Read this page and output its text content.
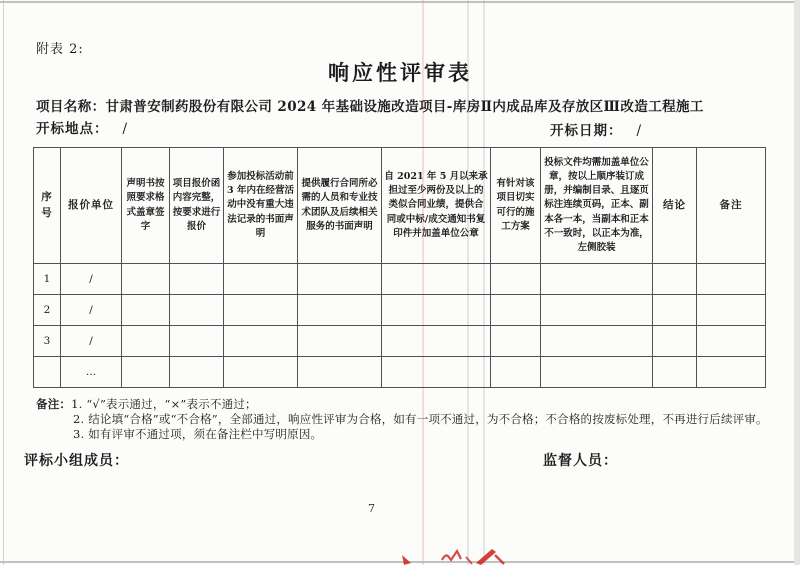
附表 2:
响应性评审表
项目名称：甘肃普安制药股份有限公司 2024 年基础设施改造项目-库房Ⅱ内成品库及存放区Ⅲ改造工程施工
开标地点： /	开标日期： /
序号	报价单位	声明书按照要求格式盖章签字	项目报价函内容完整，按要求进行报价	参加投标活动前 3 年内在经营活动中没有重大违法记录的书面声明	提供履行合同所必需的人员和专业技术团队及后续相关服务的书面声明	自 2021 年 5 月以来承担过至少两份及以上的类似合同业绩，提供合同或中标/成交通知书复印件并加盖单位公章	有针对该项目切实可行的施工方案	投标文件均需加盖单位公章，按以上顺序装订成册，并编制目录、且逐页标注连续页码，正本、副本各一本，当副本和正本不一致时，以正本为准，左侧胶装	结论	备注
1	/									
2	/									
3	/									
	…									
备注：1. “√”表示通过，“×”表示不通过；
2. 结论填“合格”或“不合格”，全部通过，响应性评审为合格，如有一项不通过，为不合格；不合格的按废标处理，不再进行后续评审。
3. 如有评审不通过项，须在备注栏中写明原因。
评标小组成员：	监督人员：
7
